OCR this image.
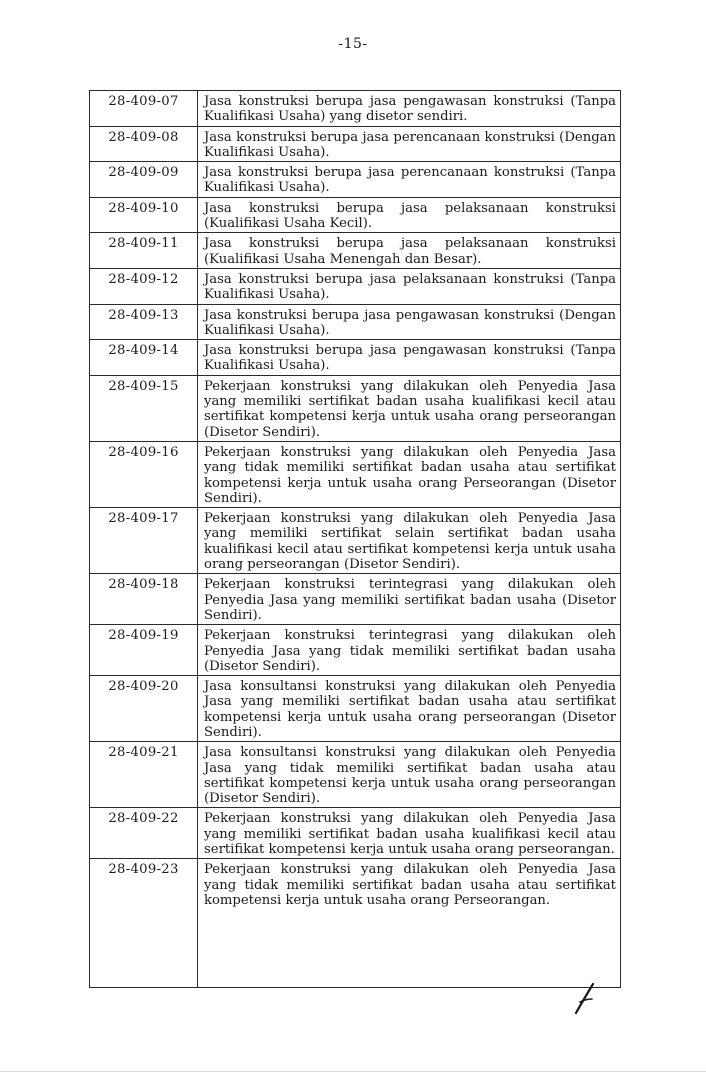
-15-
28-409-07	Jasa konstruksi berupa jasa pengawasan konstruksi (Tanpa Kualifikasi Usaha) yang disetor sendiri.
28-409-08	Jasa konstruksi berupa jasa perencanaan konstruksi (Dengan Kualifikasi Usaha).
28-409-09	Jasa konstruksi berupa jasa perencanaan konstruksi (Tanpa Kualifikasi Usaha).
28-409-10	Jasa konstruksi berupa jasa pelaksanaan konstruksi (Kualifikasi Usaha Kecil).
28-409-11	Jasa konstruksi berupa jasa pelaksanaan konstruksi (Kualifikasi Usaha Menengah dan Besar).
28-409-12	Jasa konstruksi berupa jasa pelaksanaan konstruksi (Tanpa Kualifikasi Usaha).
28-409-13	Jasa konstruksi berupa jasa pengawasan konstruksi (Dengan Kualifikasi Usaha).
28-409-14	Jasa konstruksi berupa jasa pengawasan konstruksi (Tanpa Kualifikasi Usaha).
28-409-15	Pekerjaan konstruksi yang dilakukan oleh Penyedia Jasa yang memiliki sertifikat badan usaha kualifikasi kecil atau sertifikat kompetensi kerja untuk usaha orang perseorangan (Disetor Sendiri).
28-409-16	Pekerjaan konstruksi yang dilakukan oleh Penyedia Jasa yang tidak memiliki sertifikat badan usaha atau sertifikat kompetensi kerja untuk usaha orang Perseorangan (Disetor Sendiri).
28-409-17	Pekerjaan konstruksi yang dilakukan oleh Penyedia Jasa yang memiliki sertifikat selain sertifikat badan usaha kualifikasi kecil atau sertifikat kompetensi kerja untuk usaha orang perseorangan (Disetor Sendiri).
28-409-18	Pekerjaan konstruksi terintegrasi yang dilakukan oleh Penyedia Jasa yang memiliki sertifikat badan usaha (Disetor Sendiri).
28-409-19	Pekerjaan konstruksi terintegrasi yang dilakukan oleh Penyedia Jasa yang tidak memiliki sertifikat badan usaha (Disetor Sendiri).
28-409-20	Jasa konsultansi konstruksi yang dilakukan oleh Penyedia Jasa yang memiliki sertifikat badan usaha atau sertifikat kompetensi kerja untuk usaha orang perseorangan (Disetor Sendiri).
28-409-21	Jasa konsultansi konstruksi yang dilakukan oleh Penyedia Jasa yang tidak memiliki sertifikat badan usaha atau sertifikat kompetensi kerja untuk usaha orang perseorangan (Disetor Sendiri).
28-409-22	Pekerjaan konstruksi yang dilakukan oleh Penyedia Jasa yang memiliki sertifikat badan usaha kualifikasi kecil atau sertifikat kompetensi kerja untuk usaha orang perseorangan.
28-409-23	Pekerjaan konstruksi yang dilakukan oleh Penyedia Jasa yang tidak memiliki sertifikat badan usaha atau sertifikat kompetensi kerja untuk usaha orang Perseorangan.
